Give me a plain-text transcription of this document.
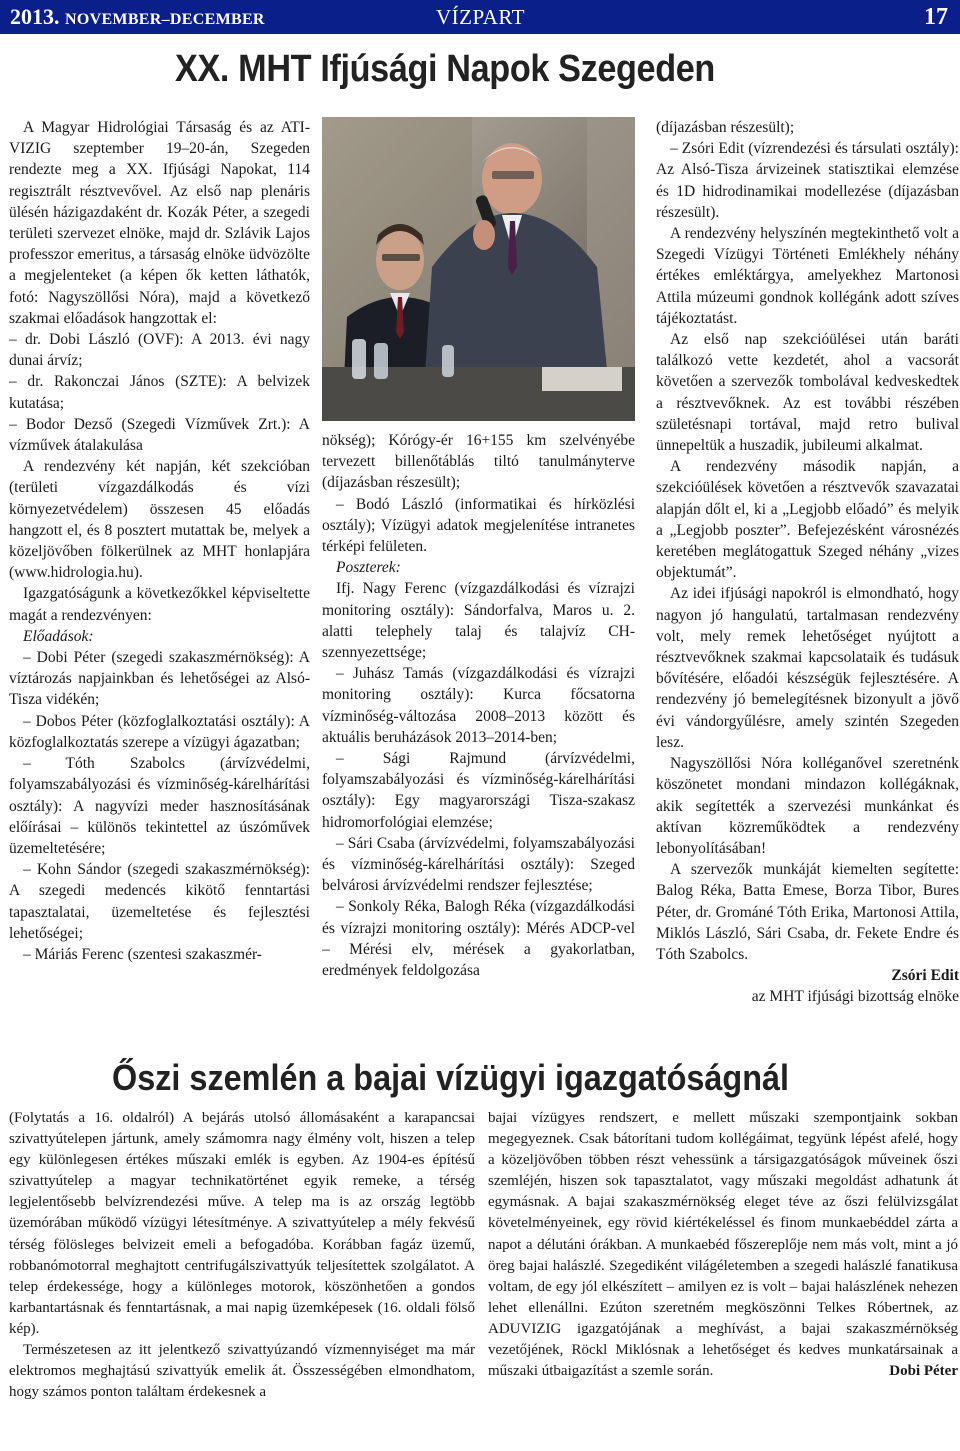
2013. NOVEMBER–DECEMBER	VÍZPART	17
XX. MHT Ifjúsági Napok Szegeden

A Magyar Hidrológiai Társaság és az ATI-VIZIG szeptember 19–20-án, Szegeden rendezte meg a XX. Ifjúsági Napokat, 114 regisztrált résztvevővel. Az első nap plenáris ülésén házigazdaként dr. Kozák Péter, a szegedi területi szervezet elnöke, majd dr. Szlávik Lajos professzor emeritus, a társaság elnöke üdvözölte a megjelenteket (a képen ők ketten láthatók, fotó: Nagyszöllősi Nóra), majd a következő szakmai előadások hangzottak el:

– dr. Dobi László (OVF): A 2013. évi nagy dunai árvíz;

– dr. Rakonczai János (SZTE): A belvizek kutatása;

– Bodor Dezső (Szegedi Vízművek Zrt.): A vízművek átalakulása

A rendezvény két napján, két szekcióban (területi vízgazdálkodás és vízi környezetvédelem) összesen 45 előadás hangzott el, és 8 posztert mutattak be, melyek a közeljövőben fölkerülnek az MHT honlapjára (www.hidrologia.hu).

Igazgatóságunk a következőkkel képviseltette magát a rendezvényen:

Előadások:

– Dobi Péter (szegedi szakaszmérnökség): A víztározás napjainkban és lehetőségei az Alsó-Tisza vidékén;

– Dobos Péter (közfoglalkoztatási osztály): A közfoglalkoztatás szerepe a vízügyi ágazatban;

– Tóth Szabolcs (árvízvédelmi, folyamszabályozási és vízminőség-kárelhárítási osztály): A nagyvízi meder hasznosításának előírásai – különös tekintettel az úszóművek üzemeltetésére;

– Kohn Sándor (szegedi szakaszmérnökség): A szegedi medencés kikötő fenntartási tapasztalatai, üzemeltetése és fejlesztési lehetőségei;

– Máriás Ferenc (szentesi szakaszmér-

nökség); Kórógy-ér 16+155 km szelvényébe tervezett billenőtáblás tiltó tanulmányterve (díjazásban részesült);

– Bodó László (informatikai és hírközlési osztály); Vízügyi adatok megjelenítése intranetes térképi felületen.

Poszterek:

Ifj. Nagy Ferenc (vízgazdálkodási és vízrajzi monitoring osztály): Sándorfalva, Maros u. 2. alatti telephely talaj és talajvíz CH-szennyezettsége;

– Juhász Tamás (vízgazdálkodási és vízrajzi monitoring osztály): Kurca főcsatorna vízminőség-változása 2008–2013 között és aktuális beruházások 2013–2014-ben;

– Sági Rajmund (árvízvédelmi, folyamszabályozási és vízminőség-kárelhárítási osztály): Egy magyarországi Tisza-szakasz hidromorfológiai elemzése;

– Sári Csaba (árvízvédelmi, folyamszabályozási és vízminőség-kárelhárítási osztály): Szeged belvárosi árvízvédelmi rendszer fejlesztése;

– Sonkoly Réka, Balogh Réka (vízgazdálkodási és vízrajzi monitoring osztály): Mérés ADCP-vel – Mérési elv, mérések a gyakorlatban, eredmények feldolgozása

(díjazásban részesült);

– Zsóri Edit (vízrendezési és társulati osztály): Az Alsó-Tisza árvizeinek statisztikai elemzése és 1D hidrodinamikai modellezése (díjazásban részesült).

A rendezvény helyszínén megtekinthető volt a Szegedi Vízügyi Történeti Emlékhely néhány értékes emléktárgya, amelyekhez Martonosi Attila múzeumi gondnok kollégánk adott szíves tájékoztatást.

Az első nap szekcióülései után baráti találkozó vette kezdetét, ahol a vacsorát követően a szervezők tombolával kedveskedtek a résztvevőknek. Az est további részében születésnapi tortával, majd retro bulival ünnepeltük a huszadik, jubileumi alkalmat.

A rendezvény második napján, a szekcióülések követően a résztvevők szavazatai alapján dőlt el, ki a „Legjobb előadó” és melyik a „Legjobb poszter”. Befejezésként városnézés keretében meglátogattuk Szeged néhány „vizes objektumát”.

Az idei ifjúsági napokról is elmondható, hogy nagyon jó hangulatú, tartalmasan rendezvény volt, mely remek lehetőséget nyújtott a résztvevőknek szakmai kapcsolataik és tudásuk bővítésére, előadói készségük fejlesztésére. A rendezvény jó bemelegítésnek bizonyult a jövő évi vándorgyűlésre, amely szintén Szegeden lesz.

Nagyszöllősi Nóra kolléganővel szeretnénk köszönetet mondani mindazon kollégáknak, akik segítették a szervezési munkánkat és aktívan közreműködtek a rendezvény lebonyolításában!

A szervezők munkáját kiemelten segítette: Balog Réka, Batta Emese, Borza Tibor, Bures Péter, dr. Grománé Tóth Erika, Martonosi Attila, Miklós László, Sári Csaba, dr. Fekete Endre és Tóth Szabolcs.

Zsóri Edit

az MHT ifjúsági bizottság elnöke

Őszi szemlén a bajai vízügyi igazgatóságnál

(Folytatás a 16. oldalról) A bejárás utolsó állomásaként a karapancsai szivattyútelepen jártunk, amely számomra nagy élmény volt, hiszen a telep egy különlegesen értékes műszaki emlék is egyben. Az 1904-es építésű szivattyútelep a magyar technikatörténet egyik remeke, a térség legjelentősebb belvízrendezési műve. A telep ma is az ország legtöbb üzemórában működő vízügyi létesítménye. A szivattyútelep a mély fekvésű térség fölösleges belvizeit emeli a befogadóba. Korábban fagáz üzemű, robbanómotorral meghajtott centrifugálszivattyúk teljesítettek szolgálatot. A telep érdekessége, hogy a különleges motorok, köszönhetően a gondos karbantartásnak és fenntartásnak, a mai napig üzemképesek (16. oldali fölső kép).

Természetesen az itt jelentkező szivattyúzandó vízmennyiséget ma már elektromos meghajtású szivattyúk emelik át. Összességében elmondhatom, hogy számos ponton találtam érdekesnek a

bajai vízügyes rendszert, e mellett műszaki szempontjaink sokban megegyeznek. Csak bátorítani tudom kollégáimat, tegyünk lépést afelé, hogy a közeljövőben többen részt vehessünk a társigazgatóságok műveinek őszi szemléjén, hiszen sok tapasztalatot, vagy műszaki megoldást adhatunk át egymásnak. A bajai szakaszmérnökség eleget téve az őszi felülvizsgálat követelményeinek, egy rövid kiértékeléssel és finom munkaebéddel zárta a napot a délutáni órákban. A munkaebéd főszereplője nem más volt, mint a jó öreg bajai halászlé. Szegediként világéletemben a szegedi halászlé fanatikusa voltam, de egy jól elkészített – amilyen ez is volt – bajai halászlének nehezen lehet ellenállni. Ezúton szeretném megköszönni Telkes Róbertnek, az ADUVIZIG igazgatójának a meghívást, a bajai szakaszmérnökség vezetőjének, Röckl Miklósnak a lehetőséget és kedves munkatársainak a műszaki útbaigazítást a szemle során.	Dobi Péter
